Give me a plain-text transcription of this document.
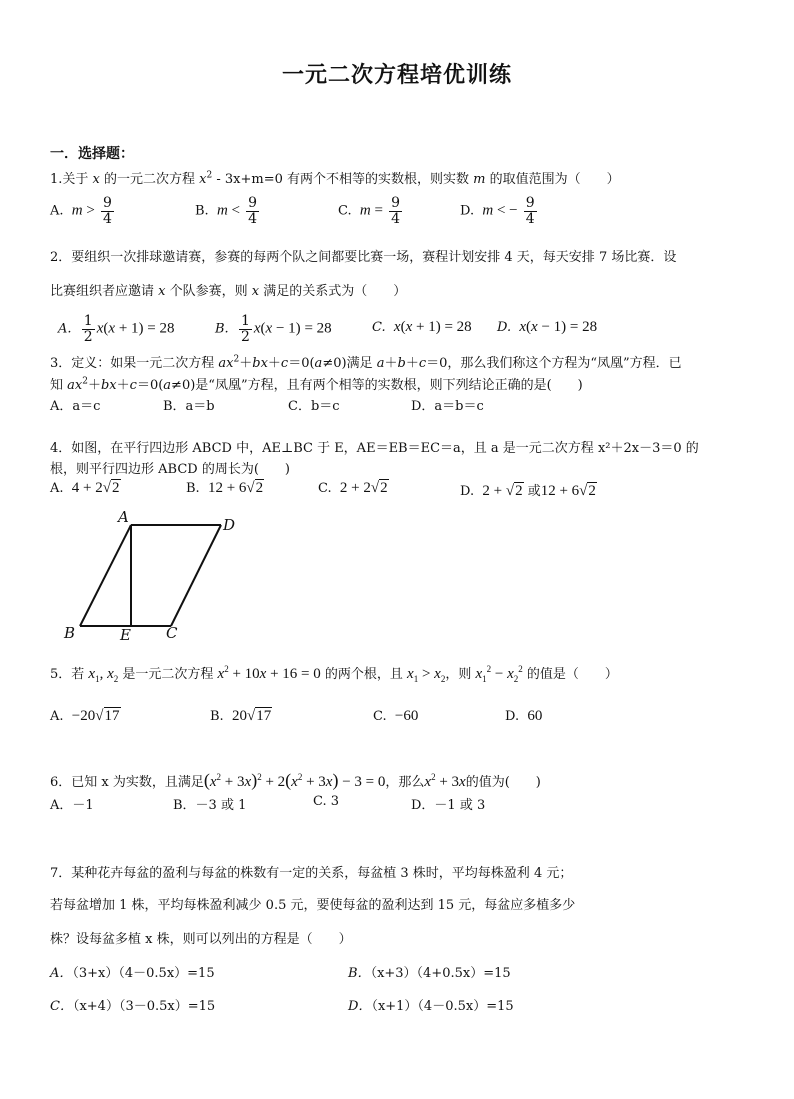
一元二次方程培优训练
一．选择题：
1.关于 x 的一元二次方程 $x^2 - 3x+m=0$ 有两个不相等的实数根，则实数 m 的取值范围为（　　）
A. $m > \frac{9}{4}$	B. $m < \frac{9}{4}$	C. $m = \frac{9}{4}$	D. m < − $\frac{9}{4}$
2．要组织一次排球邀请赛，参赛的每两个队之间都要比赛一场，赛程计划安排 4 天，每天安排 7 场比赛．设
比赛组织者应邀请 x 个队参赛，则 x 满足的关系式为（　　）
A. $\frac{1}{2} x(x + 1) = 28$	B. $\frac{1}{2} x(x - 1) = 28$	C. x(x + 1) = 28 D. x(x − 1) = 28
3．定义：如果一元二次方程 $ax^2+bx+c=0(a\ne 0)$满足 a＋b＋c＝0，那么我们称这个方程为“凤凰”方程．已
知 $ax^2+bx+c=0(a\ne 0)$是“凤凰”方程，且有两个相等的实数根，则下列结论正确的是(　　)
A．a＝c	B．a＝b	C．b＝c	D．a＝b＝c
4．如图，在平行四边形 ABCD 中，AE⊥BC 于 E，AE＝EB＝EC＝a，且 a 是一元二次方程 x²＋2x－3＝0 的
根，则平行四边形 ABCD 的周长为(　　)
A. 4 + 2√2	B. 12 + 6√2	C. 2 + 2√2	D. 2 + √2 或12 + 6√2
A	D
B	E C
5．若 $x_1$, $x_2$ 是一元二次方程 $x^2 + 10x + 16 = 0$ 的两个根，且 $x_1 > x_2$，则 $x_1^2 - x_2^2$ 的值是（　　）
A. −20√17	B. 20√17	C. −60	D. 60
6．已知 x 为实数，且满足$(x^2 + 3x)^2 + 2(x^2 + 3x) - 3 = 0$，那么$x^2 + 3x$的值为(　　)
A．－1	B．－3 或 1	C. 3	D．－1 或 3
7．某种花卉每盆的盈利与每盆的株数有一定的关系，每盆植 3 株时，平均每株盈利 4 元；
若每盆增加 1 株，平均每株盈利减少 0.5 元，要使每盆的盈利达到 15 元，每盆应多植多少
株？设每盆多植 x 株，则可以列出的方程是（　　）
A．（3+x）（4－0.5x）=15	B．（x+3）（4+0.5x）=15
C．（x+4）（3－0.5x）=15	D．（x+1）（4－0.5x）=15
